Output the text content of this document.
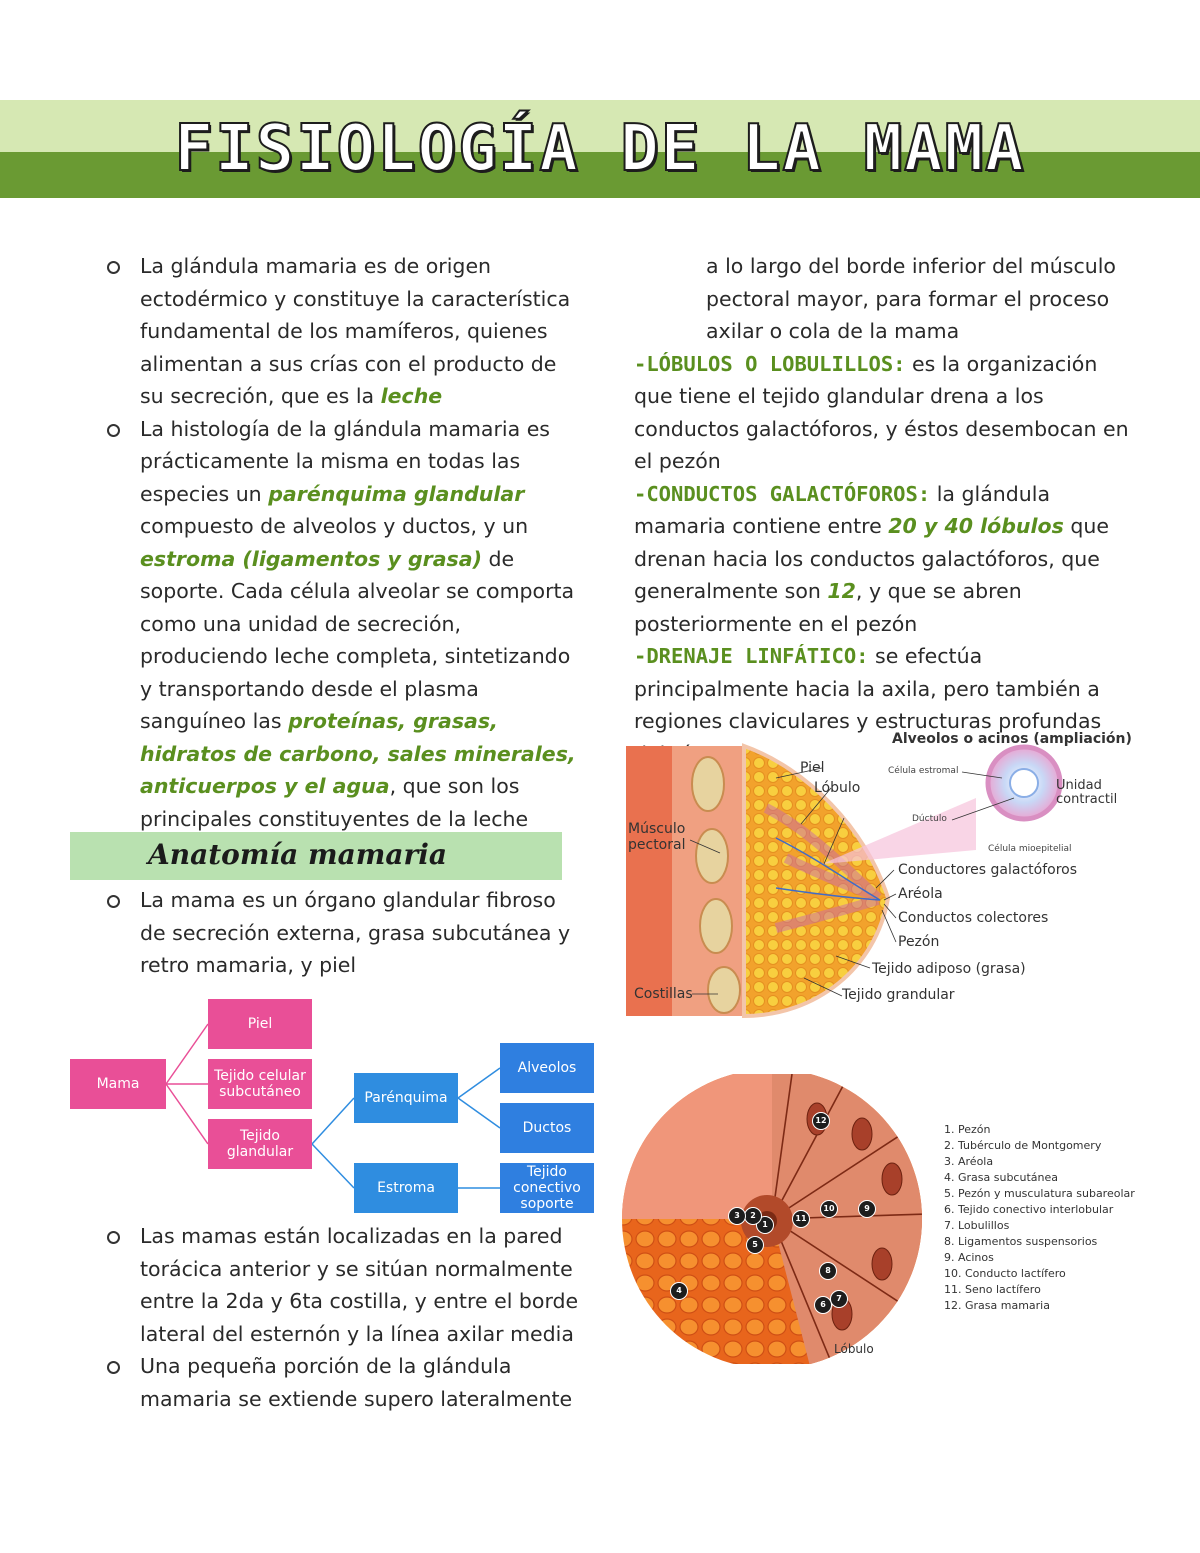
FISIOLOGÍA DE LA MAMA
La glándula mamaria es de origen ectodérmico y constituye la característica fundamental de los mamíferos, quienes alimentan a sus crías con el producto de su secreción, que es la leche
La histología de la glándula mamaria es prácticamente la misma en todas las especies un parénquima glandular compuesto de alveolos y ductos, y un estroma (ligamentos y grasa) de soporte. Cada célula alveolar se comporta como una unidad de secreción, produciendo leche completa, sintetizando y transportando desde el plasma sanguíneo las proteínas, grasas, hidratos de carbono, sales minerales, anticuerpos y el agua, que son los principales constituyentes de la leche
Anatomía mamaria
La mama es un órgano glandular fibroso de secreción externa, grasa subcutánea y retro mamaria, y piel
Mama
Piel
Tejido celular subcutáneo
Tejido glandular
Parénquima
Estroma
Alveolos
Ductos
Tejido conectivo soporte
Las mamas están localizadas en la pared torácica anterior y se sitúan normalmente entre la 2da y 6ta costilla, y entre el borde lateral del esternón y la línea axilar media
Una pequeña porción de la glándula mamaria se extiende supero lateralmente

a lo largo del borde inferior del músculo pectoral mayor, para formar el proceso axilar o cola de la mama

-LÓBULOS O LOBULILLOS: es la organización que tiene el tejido glandular drena a los conductos galactóforos, y éstos desembocan en el pezón

-CONDUCTOS GALACTÓFOROS: la glándula mamaria contiene entre 20 y 40 lóbulos que drenan hacia los conductos galactóforos, que generalmente son 12, y que se abren posteriormente en el pezón

-DRENAJE LINFÁTICO: se efectúa principalmente hacia la axila, pero también a regiones claviculares y estructuras profundas

Alveolos o acinos (ampliación)
Piel
Lóbulo
Célula estromal
Dúctulo
Célula mioepitelial
Unidad
contractil
Músculo
pectoral
Conductores galactóforos
Aréola
Conductos colectores
Pezón
Tejido adiposo (grasa)
Tejido grandular
Costillas
Lóbulo
1
2
3
4
5
6
7
8
9
10
11
12
1. Pezón
2. Tubérculo de Montgomery
3. Aréola
4. Grasa subcutánea
5. Pezón y musculatura subareolar
6. Tejido conectivo interlobular
7. Lobulillos
8. Ligamentos suspensorios
9. Acinos
10. Conducto lactífero
11. Seno lactífero
12. Grasa mamaria
